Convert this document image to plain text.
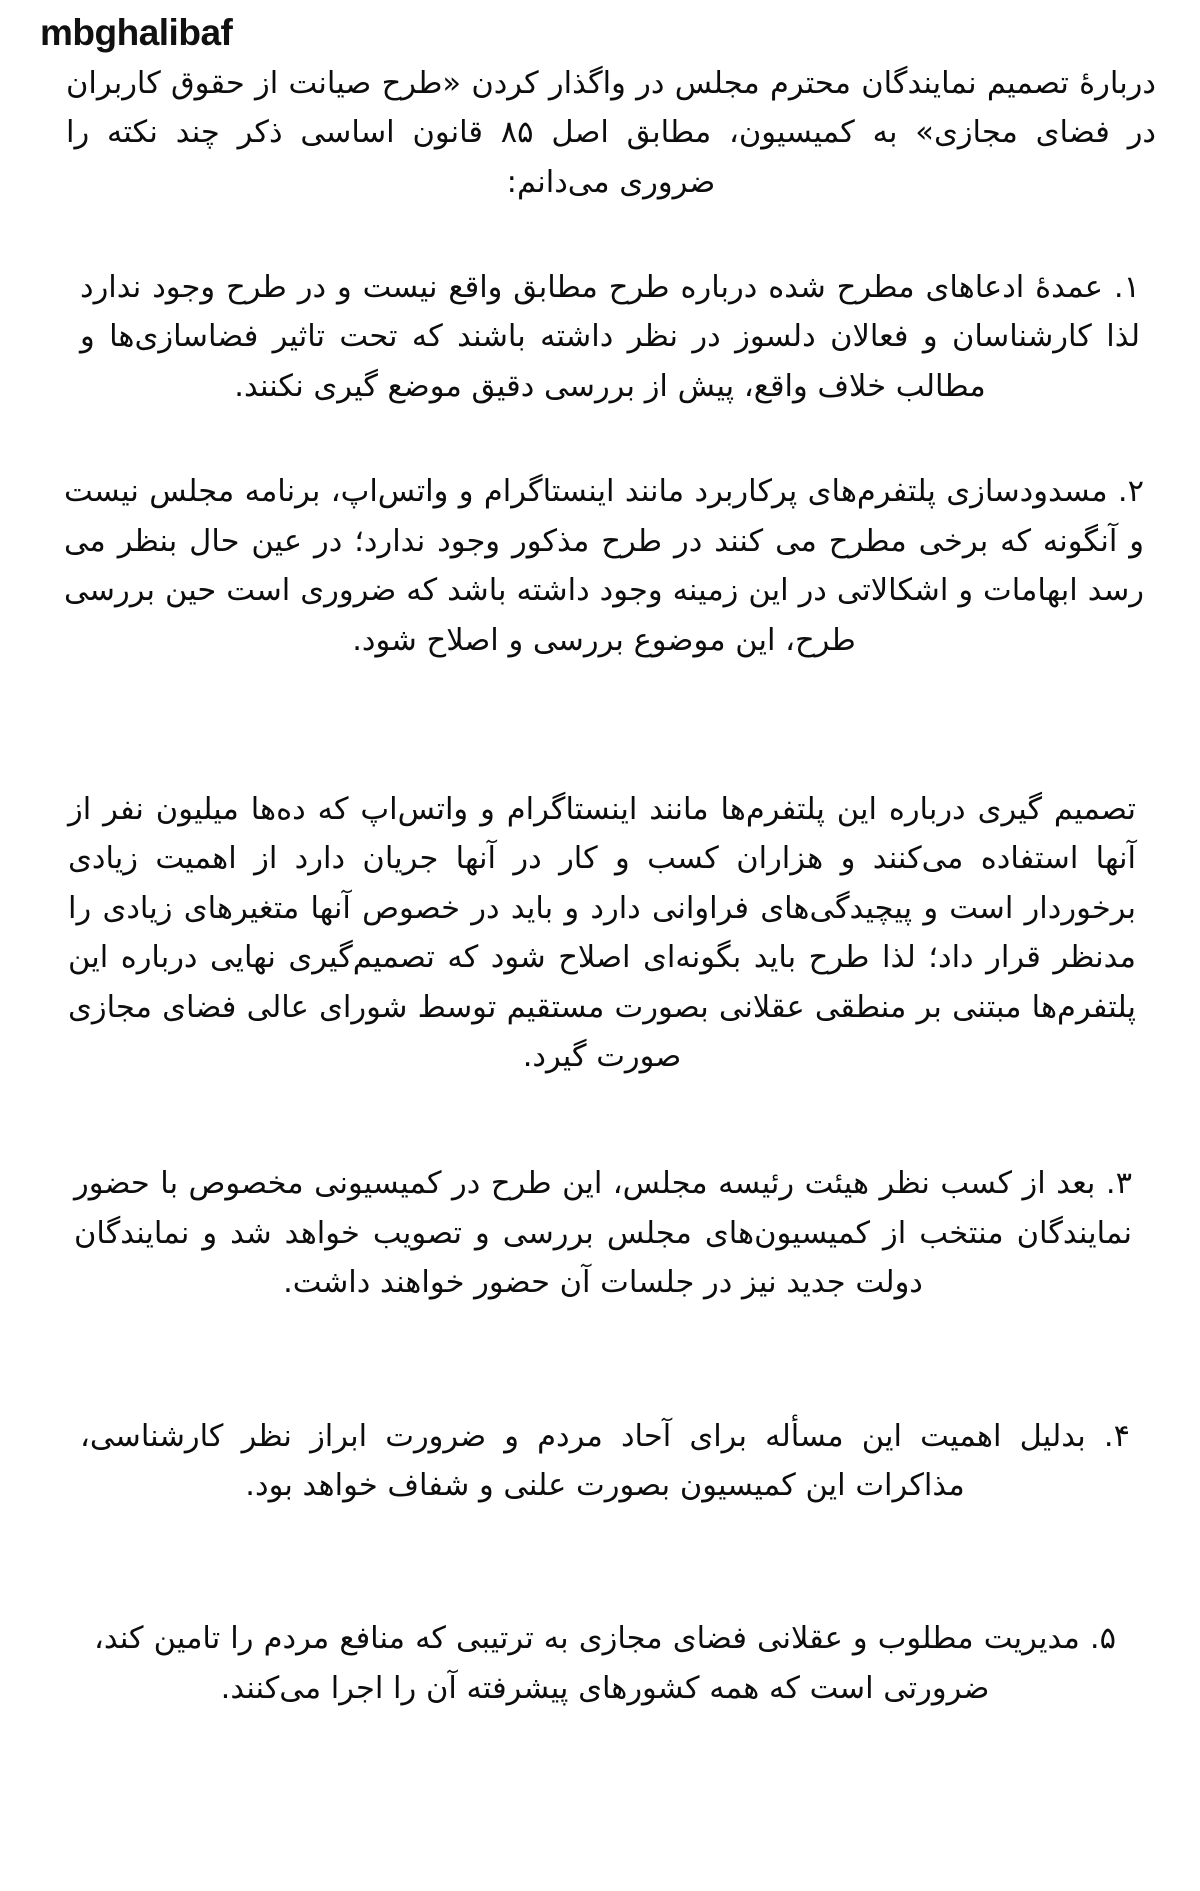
mbghalibaf

دربارهٔ تصمیم نمایندگان محترم مجلس در واگذار کردن «طرح صیانت از حقوق کاربران در فضای مجازی» به کمیسیون، مطابق اصل ۸۵ قانون اساسی ذکر چند نکته را ضروری می‌دانم:

۱. عمدهٔ ادعاهای مطرح شده درباره طرح مطابق واقع نیست و در طرح وجود ندارد لذا کارشناسان و فعالان دلسوز در نظر داشته باشند که تحت تاثیر فضاسازی‌ها و مطالب خلاف واقع، پیش از بررسی دقیق موضع گیری نکنند.

۲. مسدودسازی پلتفرم‌های پرکاربرد مانند اینستاگرام و واتس‌اپ، برنامه مجلس نیست و آنگونه که برخی مطرح می کنند در طرح مذکور وجود ندارد؛ در عین حال بنظر می رسد ابهامات و اشکالاتی در این زمینه وجود داشته باشد که ضروری است حین بررسی طرح، این موضوع بررسی و اصلاح شود.

تصمیم گیری درباره این پلتفرم‌ها مانند اینستاگرام و واتس‌اپ که ده‌ها میلیون نفر از آنها استفاده می‌کنند و هزاران کسب و کار در آنها جریان دارد از اهمیت زیادی برخوردار است و پیچیدگی‌های فراوانی دارد و باید در خصوص آنها متغیرهای زیادی را مدنظر قرار داد؛ لذا طرح باید بگونه‌ای اصلاح شود که تصمیم‌گیری نهایی درباره این پلتفرم‌ها مبتنی بر منطقی عقلانی بصورت مستقیم توسط شورای عالی فضای مجازی صورت گیرد.

۳. بعد از کسب نظر هیئت رئیسه مجلس، این طرح در کمیسیونی مخصوص با حضور نمایندگان منتخب از کمیسیون‌های مجلس بررسی و تصویب خواهد شد و نمایندگان دولت جدید نیز در جلسات آن حضور خواهند داشت.

۴. بدلیل اهمیت این مسأله برای آحاد مردم و ضرورت ابراز نظر کارشناسی، مذاکرات این کمیسیون بصورت علنی و شفاف خواهد بود.

۵. مدیریت مطلوب و عقلانی فضای مجازی به ترتیبی که منافع مردم را تامین کند، ضرورتی است که همه کشورهای پیشرفته آن را اجرا می‌کنند.
